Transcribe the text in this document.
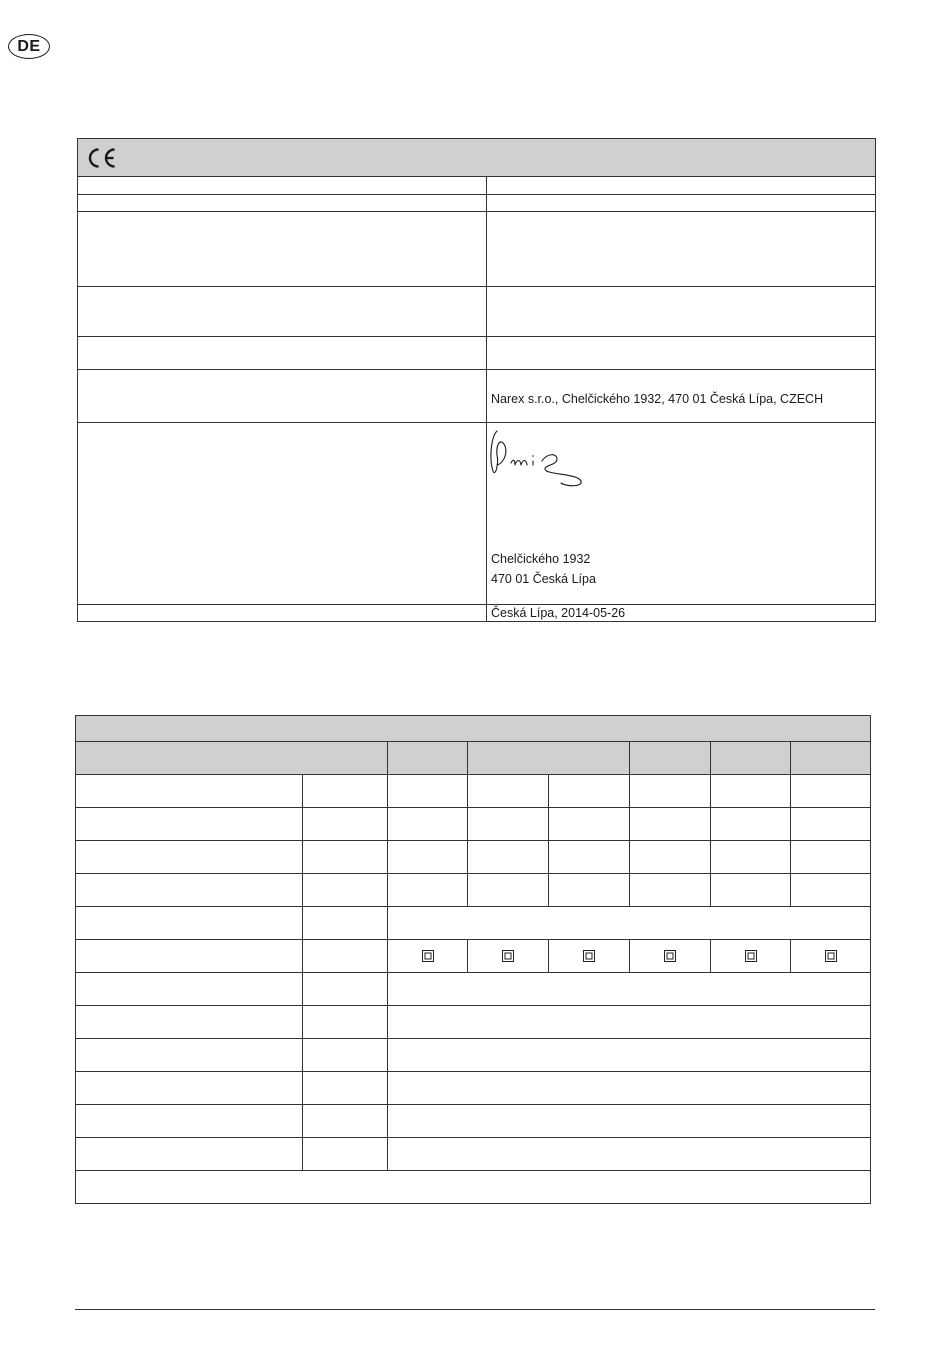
DE

	Narex s.r.o., Chelčického 1932, 470 01 Česká Lípa, CZECH

	Chelčického 1932
470 01 Česká Lípa

	Česká Lípa, 2014-05-26
